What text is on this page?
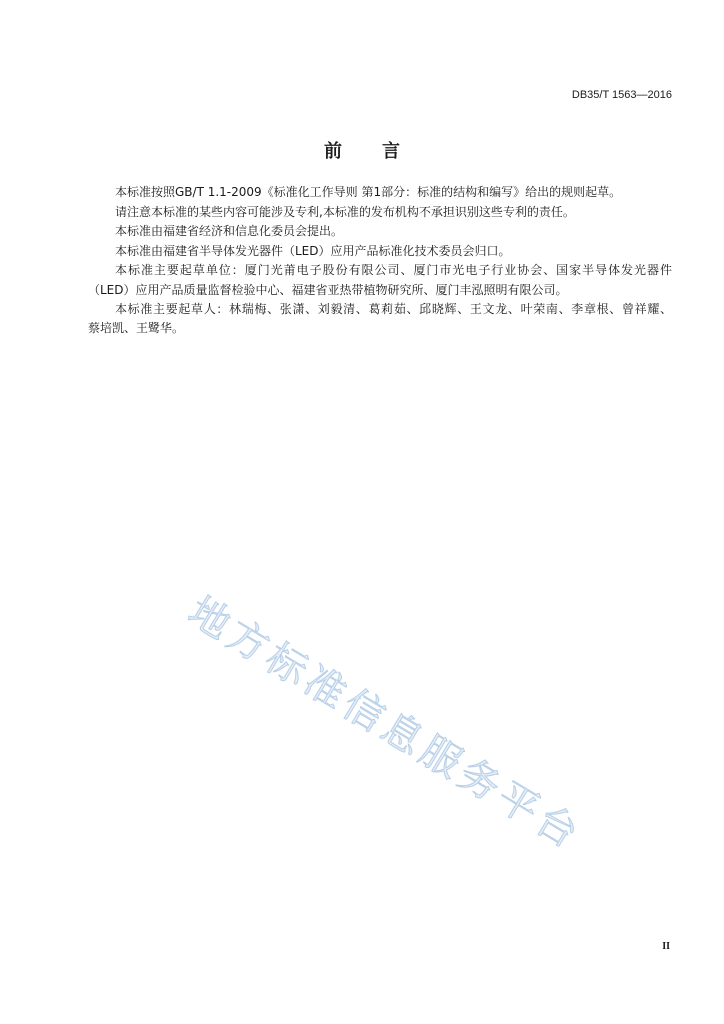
DB35/T 1563—2016
前言
本标准按照GB/T 1.1-2009《标准化工作导则 第1部分：标准的结构和编写》给出的规则起草。
请注意本标准的某些内容可能涉及专利,本标准的发布机构不承担识别这些专利的责任。
本标准由福建省经济和信息化委员会提出。
本标准由福建省半导体发光器件（LED）应用产品标准化技术委员会归口。
本标准主要起草单位：厦门光莆电子股份有限公司、厦门市光电子行业协会、国家半导体发光器件
（LED）应用产品质量监督检验中心、福建省亚热带植物研究所、厦门丰泓照明有限公司。
本标准主要起草人：林瑞梅、张潇、刘毅清、葛莉茹、邱晓辉、王文龙、叶荣南、李章根、曾祥耀、
蔡培凯、王鹭华。
地方标准信息服务平台
II
